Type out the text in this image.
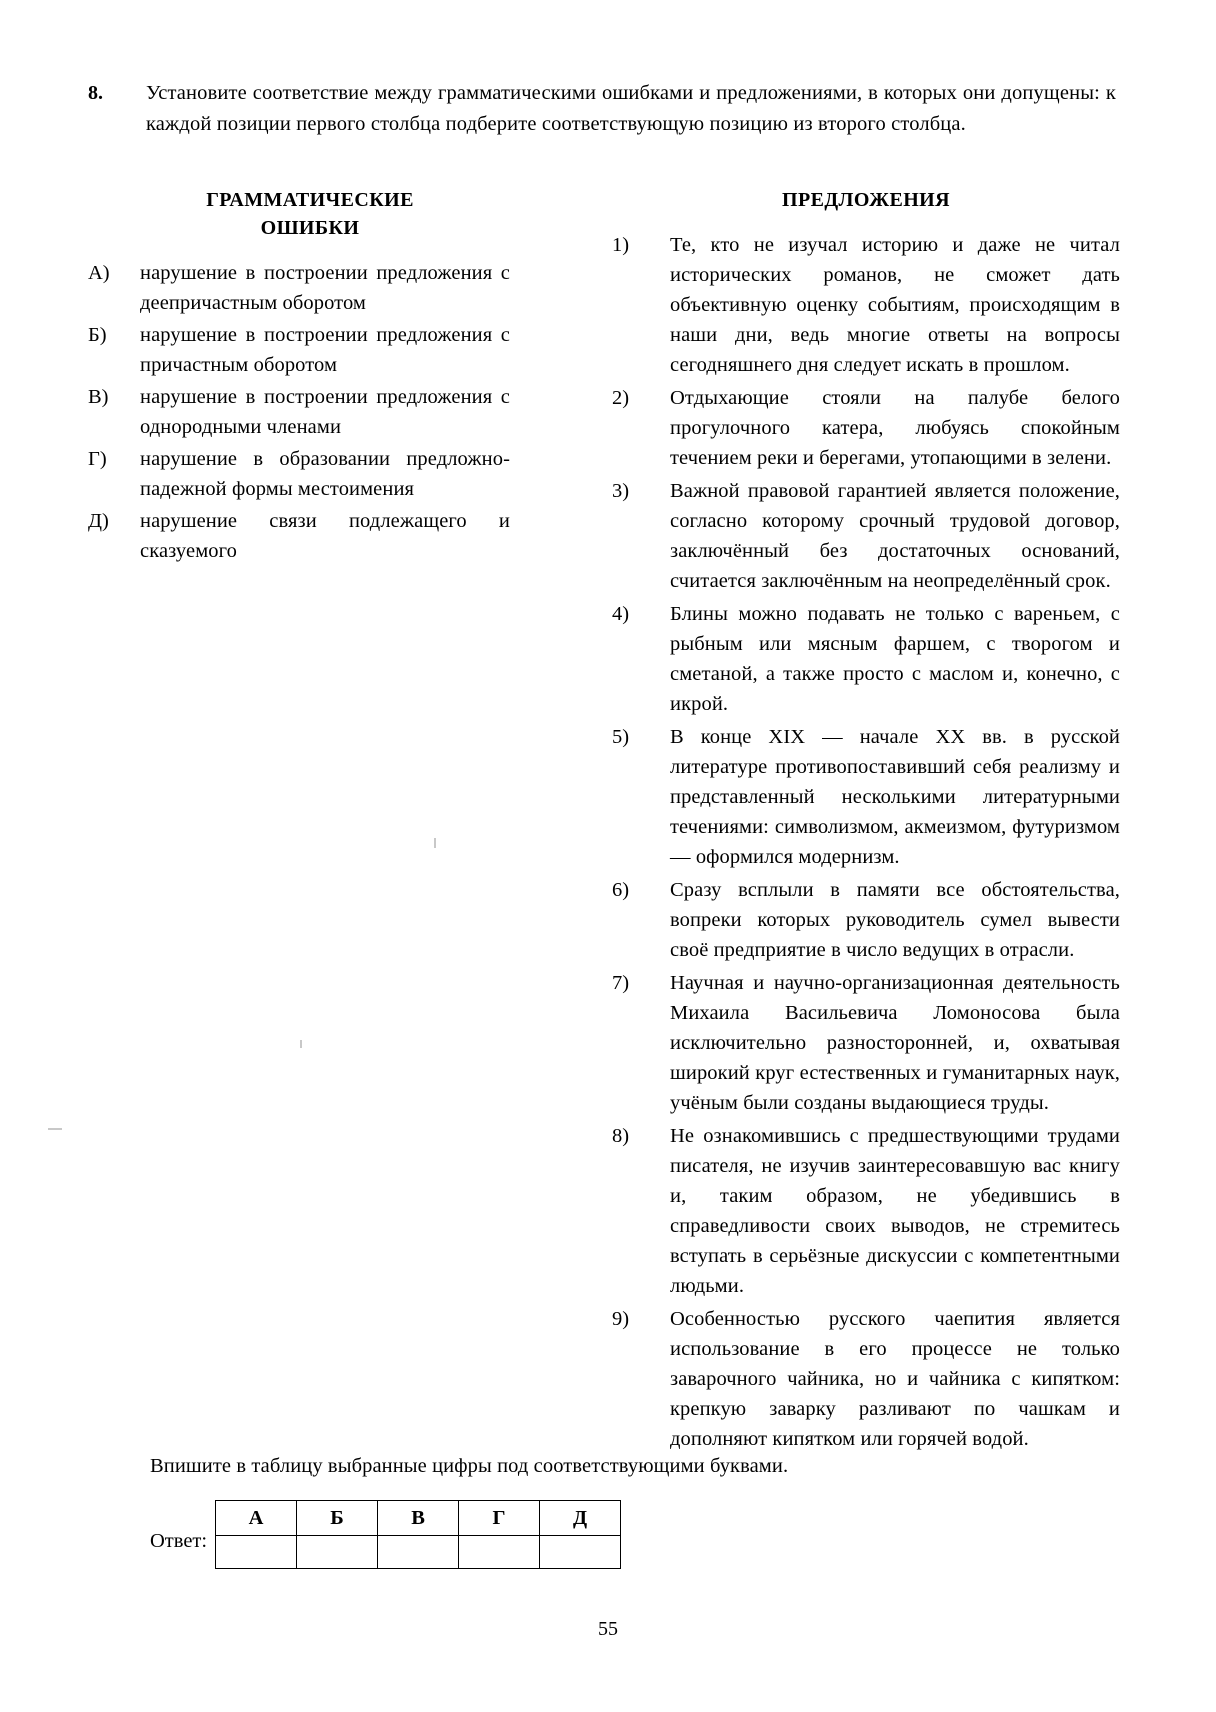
8.	Установите соответствие между грамматическими ошибками и предложениями, в которых они допущены: к каждой позиции первого столбца подберите соответствующую позицию из второго столбца.
ГРАММАТИЧЕСКИЕ
ОШИБКИ
А)	нарушение в построении предложения с деепричастным оборотом
Б)	нарушение в построении предложения с причастным оборотом
В)	нарушение в построении предложения с однородными членами
Г)	нарушение в образовании предложно-падежной формы местоимения
Д)	нарушение связи подлежащего и сказуемого
ПРЕДЛОЖЕНИЯ
1)	Те, кто не изучал историю и даже не читал исторических романов, не сможет дать объективную оценку событиям, происходящим в наши дни, ведь многие ответы на вопросы сегодняшнего дня следует искать в прошлом.
2)	Отдыхающие стояли на палубе белого прогулочного катера, любуясь спокойным течением реки и берегами, утопающими в зелени.
3)	Важной правовой гарантией является положение, согласно которому срочный трудовой договор, заключённый без достаточных оснований, считается заключённым на неопределённый срок.
4)	Блины можно подавать не только с вареньем, с рыбным или мясным фаршем, с творогом и сметаной, а также просто с маслом и, конечно, с икрой.
5)	В конце XIX — начале XX вв. в русской литературе противопоставивший себя реализму и представленный несколькими литературными течениями: символизмом, акмеизмом, футуризмом — оформился модернизм.
6)	Сразу всплыли в памяти все обстоятельства, вопреки которых руководитель сумел вывести своё предприятие в число ведущих в отрасли.
7)	Научная и научно-организационная деятельность Михаила Васильевича Ломоносова была исключительно разносторонней, и, охватывая широкий круг естественных и гуманитарных наук, учёным были созданы выдающиеся труды.
8)	Не ознакомившись с предшествующими трудами писателя, не изучив заинтересовавшую вас книгу и, таким образом, не убедившись в справедливости своих выводов, не стремитесь вступать в серьёзные дискуссии с компетентными людьми.
9)	Особенностью русского чаепития является использование в его процессе не только заварочного чайника, но и чайника с кипятком: крепкую заварку разливают по чашкам и дополняют кипятком или горячей водой.
Впишите в таблицу выбранные цифры под соответствующими буквами.
Ответ:
А	Б	В	Г	Д

55
